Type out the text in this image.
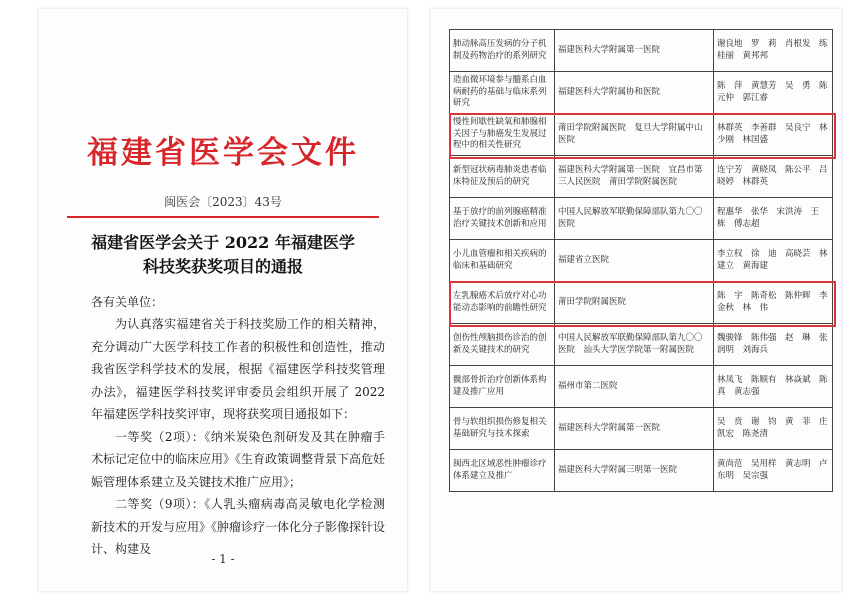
福建省医学会文件
闽医会〔2023〕43号
福建省医学会关于 2022 年福建医学
科技奖获奖项目的通报
各有关单位：

为认真落实福建省关于科技奖励工作的相关精神，充分调动广大医学科技工作者的积极性和创造性，推动我省医学科学技术的发展，根据《福建医学科技奖管理办法》，福建医学科技奖评审委员会组织开展了 2022 年福建医学科技奖评审，现将获奖项目通报如下：

一等奖（2项）：《纳米炭染色剂研发及其在肿瘤手术标记定位中的临床应用》《生育政策调整背景下高危妊娠管理体系建立及关键技术推广应用》；

二等奖（9项）：《人乳头瘤病毒高灵敏电化学检测新技术的开发与应用》《肿瘤诊疗一体化分子影像探针设计、构建及

- 1 -
肺动脉高压发病的分子机制及药物治疗的系列研究	福建医科大学附属第一医院	谢良地　罗　莉　肖根发　练桂丽　黄邦邦
造血微环境参与髓系白血病耐药的基础与临床系列研究	福建医科大学附属协和医院	陈　萍　黄慧芳　吴　勇　陈元仲　郭江睿
慢性间歇性缺氧和肺腺相关因子与肺癌发生发展过程中的相关性研究	莆田学院附属医院　复旦大学附属中山医院	林群英　李善群　吴良宁　林少刚　林国盛
新型冠状病毒肺炎患者临床特征及预后的研究	福建医科大学附属第一医院　宜昌市第三人民医院　莆田学院附属医院	连宁芳　黄晓凤　陈公平　吕晓婷　林群英
基于放疗的前列腺癌精准治疗关键技术创新和应用	中国人民解放军联勤保障部队第九〇〇医院	程惠华　张华　宋洪涛　王　栋　傅志超
小儿血管瘤和相关疾病的临床和基础研究	福建省立医院	李立权　徐　迪　高晓芸　林建立　黄海建
左乳腺癌术后放疗对心功能动态影响的前瞻性研究	莆田学院附属医院	陈　宇　陈奇松　陈仲辉　李金秋　林　伟
创伤性颅脑损伤诊治的创新及关键技术的研究	中国人民解放军联勤保障部队第九〇〇医院　汕头大学医学院第一附属医院	魏骏锋　陈伟强　赵　琳　张润明　刘海兵
髋部骨折治疗创新体系构建及推广应用	福州市第二医院	林凤飞　陈顺有　林焱斌　陈　真　黄志强
骨与软组织损伤修复相关基础研究与技术探索	福建医科大学附属第一医院	吴　贲　谢　钧　黄　菲　庄凯宏　陈尧清
闽西北区域恶性肿瘤诊疗体系建立及推广	福建医科大学附属三明第一医院	黄尚范　吴用样　黄志明　卢东明　吴宗强
